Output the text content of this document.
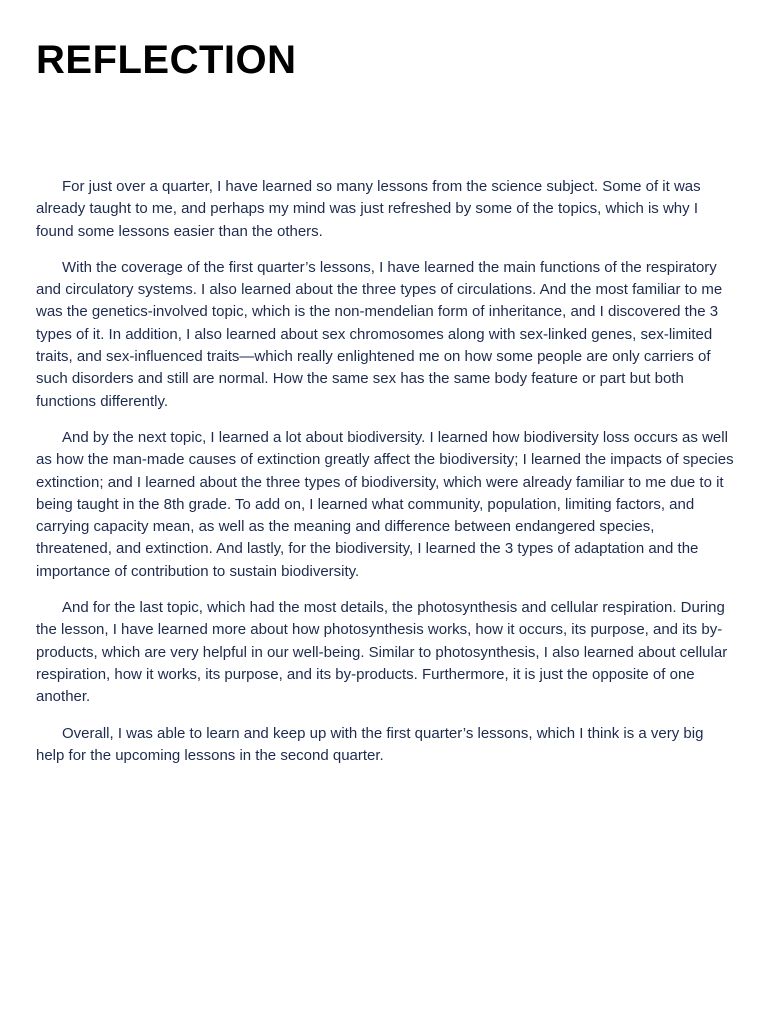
REFLECTION

For just over a quarter, I have learned so many lessons from the science subject. Some of it was already taught to me, and perhaps my mind was just refreshed by some of the topics, which is why I found some lessons easier than the others.

With the coverage of the first quarter’s lessons, I have learned the main functions of the respiratory and circulatory systems. I also learned about the three types of circulations. And the most familiar to me was the genetics-involved topic, which is the non-mendelian form of inheritance, and I discovered the 3 types of it. In addition, I also learned about sex chromosomes along with sex-linked genes, sex-limited traits, and sex-influenced traits—which really enlightened me on how some people are only carriers of such disorders and still are normal. How the same sex has the same body feature or part but both functions differently.

And by the next topic, I learned a lot about biodiversity. I learned how biodiversity loss occurs as well as how the man-made causes of extinction greatly affect the biodiversity; I learned the impacts of species extinction; and I learned about the three types of biodiversity, which were already familiar to me due to it being taught in the 8th grade. To add on, I learned what community, population, limiting factors, and carrying capacity mean, as well as the meaning and difference between endangered species, threatened, and extinction. And lastly, for the biodiversity, I learned the 3 types of adaptation and the importance of contribution to sustain biodiversity.

And for the last topic, which had the most details, the photosynthesis and cellular respiration. During the lesson, I have learned more about how photosynthesis works, how it occurs, its purpose, and its by-products, which are very helpful in our well-being. Similar to photosynthesis, I also learned about cellular respiration, how it works, its purpose, and its by-products. Furthermore, it is just the opposite of one another.

Overall, I was able to learn and keep up with the first quarter’s lessons, which I think is a very big help for the upcoming lessons in the second quarter.
